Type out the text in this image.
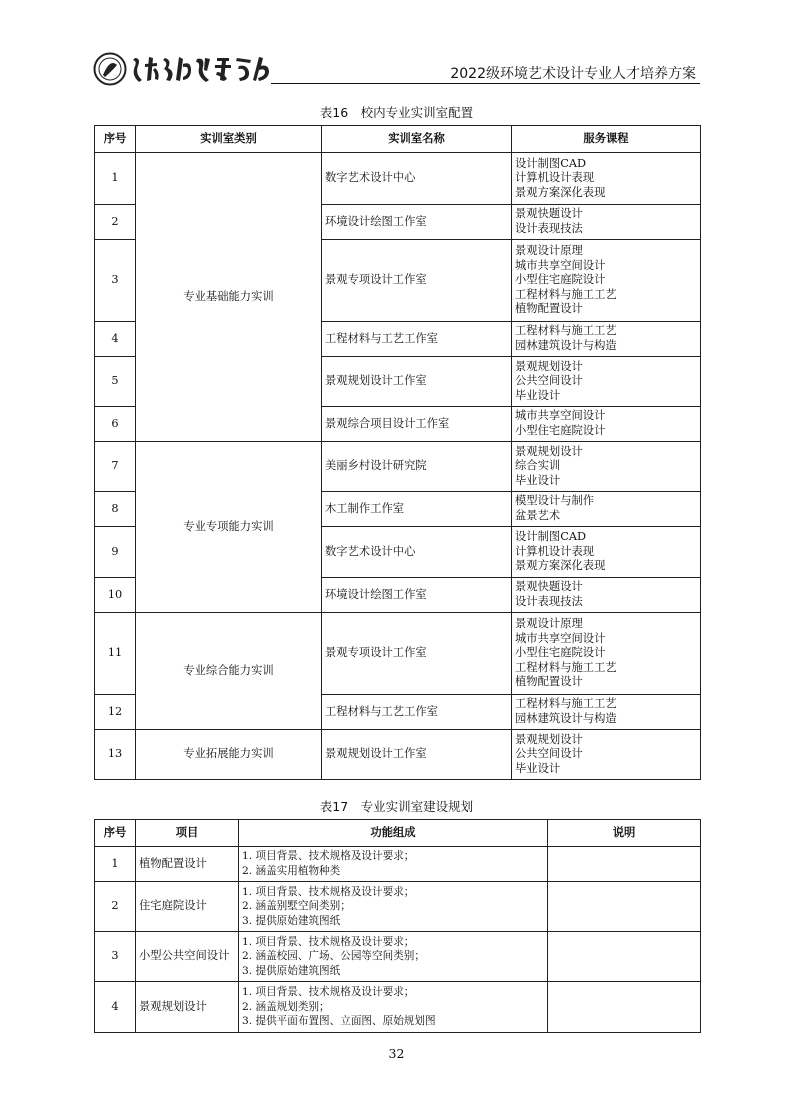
2022级环境艺术设计专业人才培养方案
表16　校内专业实训室配置
序号	实训室类别	实训室名称	服务课程
1	专业基础能力实训	数字艺术设计中心	设计制图CAD
计算机设计表现
景观方案深化表现

2		环境设计绘图工作室	景观快题设计
设计表现技法

3		景观专项设计工作室	景观设计原理
城市共享空间设计
小型住宅庭院设计
工程材料与施工工艺
植物配置设计

4		工程材料与工艺工作室	工程材料与施工工艺
园林建筑设计与构造

5		景观规划设计工作室	景观规划设计
公共空间设计
毕业设计

6		景观综合项目设计工作室	城市共享空间设计
小型住宅庭院设计

7	专业专项能力实训	美丽乡村设计研究院	景观规划设计
综合实训
毕业设计

8		木工制作工作室	模型设计与制作
盆景艺术

9		数字艺术设计中心	设计制图CAD
计算机设计表现
景观方案深化表现

10		环境设计绘图工作室	景观快题设计
设计表现技法

11	专业综合能力实训	景观专项设计工作室	景观设计原理
城市共享空间设计
小型住宅庭院设计
工程材料与施工工艺
植物配置设计

12		工程材料与工艺工作室	工程材料与施工工艺
园林建筑设计与构造

13	专业拓展能力实训	景观规划设计工作室	景观规划设计
公共空间设计
毕业设计
表17　专业实训室建设规划
序号	项目	功能组成	说明
1	植物配置设计	1. 项目背景、技术规格及设计要求；
2. 涵盖实用植物种类	

2	住宅庭院设计	1. 项目背景、技术规格及设计要求；
2. 涵盖别墅空间类别；
3. 提供原始建筑图纸	

3	小型公共空间设计	1. 项目背景、技术规格及设计要求；
2. 涵盖校园、广场、公园等空间类别；
3. 提供原始建筑图纸	

4	景观规划设计	1. 项目背景、技术规格及设计要求；
2. 涵盖规划类别；
3. 提供平面布置图、立面图、原始规划图	

32
